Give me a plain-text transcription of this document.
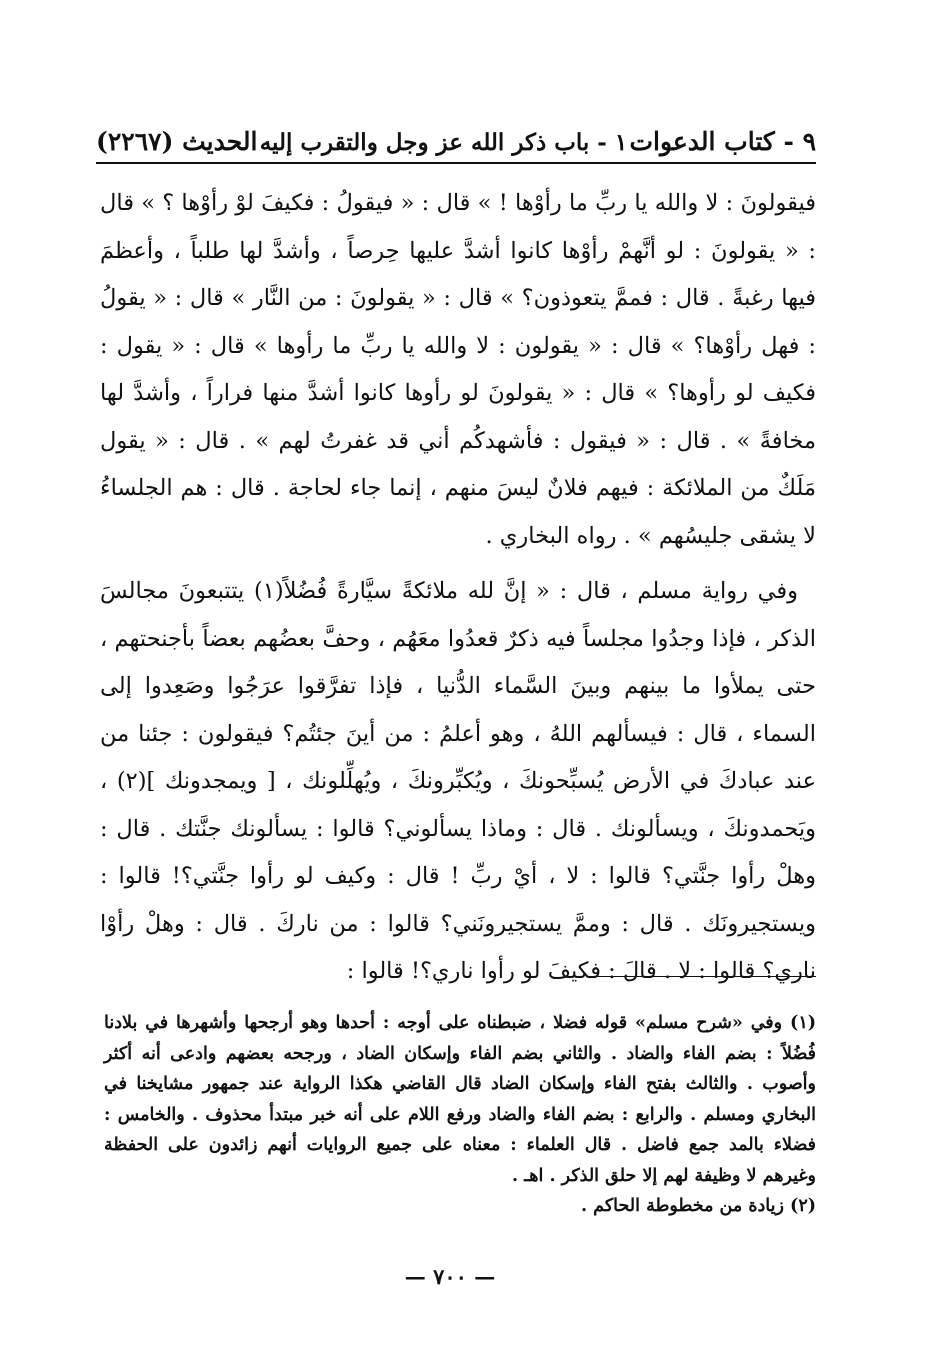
٩ - كتاب الدعوات
١ - باب ذكر الله عز وجل والتقرب إليه
الحديث (٢٢٦٧)

فيقولونَ : لا والله يا ربِّ ما رأوْها ! » قال : « فيقولُ : فكيفَ لوْ رأوْها ؟ » قال : « يقولونَ : لو أنَّهمْ رأوْها كانوا أشدَّ عليها حِرصاً ، وأشدَّ لها طلباً ، وأعظمَ فيها رغبةً . قال : فممَّ يتعوذون؟ » قال : « يقولونَ : من النَّار » قال : « يقولُ : فهل رأوْها؟ » قال : « يقولون : لا والله يا ربِّ ما رأوها » قال : « يقول : فكيف لو رأوها؟ » قال : « يقولونَ لو رأوها كانوا أشدَّ منها فراراً ، وأشدَّ لها مخافةً » . قال : « فيقول : فأشهدكُم أني قد غفرتُ لهم » . قال : « يقول مَلَكٌ من الملائكة : فيهم فلانٌ ليسَ منهم ، إنما جاء لحاجة . قال : هم الجلساءُ لا يشقى جليسُهم » . رواه البخاري .

وفي رواية مسلم ، قال : « إنَّ لله ملائكةً سيَّارةً فُضُلاً(١) يتتبعونَ مجالسَ الذكر ، فإذا وجدُوا مجلساً فيه ذكرٌ قعدُوا معَهُم ، وحفَّ بعضُهم بعضاً بأجنحتهم ، حتى يملأوا ما بينهم وبينَ السَّماء الدُّنيا ، فإذا تفرَّقوا عرَجُوا وصَعِدوا إلى السماء ، قال : فيسألهم اللهُ ، وهو أعلمُ : من أينَ جئتُم؟ فيقولون : جئنا من عند عبادكَ في الأرض يُسبِّحونكَ ، ويُكبِّرونكَ ، ويُهلِّلونك ، [ ويمجدونك ](٢) ، ويَحمدونكَ ، ويسألونك . قال : وماذا يسألوني؟ قالوا : يسألونك جنَّتك . قال : وهلْ رأوا جنَّتي؟ قالوا : لا ، أيْ ربِّ ! قال : وكيف لو رأوا جنَّتي؟! قالوا : ويستجيرونَك . قال : وممَّ يستجيرونَني؟ قالوا : من ناركَ . قال : وهلْ رأوْا ناري؟ قالوا : لا . قالَ : فكيفَ لو رأوا ناري؟! قالوا :

(١) وفي «شرح مسلم» قوله فضلا ، ضبطناه على أوجه : أحدها وهو أرجحها وأشهرها في بلادنا فُضُلاً : بضم الفاء والضاد . والثاني بضم الفاء وإسكان الضاد ، ورجحه بعضهم وادعى أنه أكثر وأصوب . والثالث بفتح الفاء وإسكان الضاد قال القاضي هكذا الرواية عند جمهور مشايخنا في البخاري ومسلم . والرابع : بضم الفاء والضاد ورفع اللام على أنه خبر مبتدأ محذوف . والخامس : فضلاء بالمد جمع فاضل . قال العلماء : معناه على جميع الروايات أنهم زائدون على الحفظة وغيرهم لا وظيفة لهم إلا حلق الذكر . اهـ .

(٢) زيادة من مخطوطة الحاكم .

— ٧٠٠ —
